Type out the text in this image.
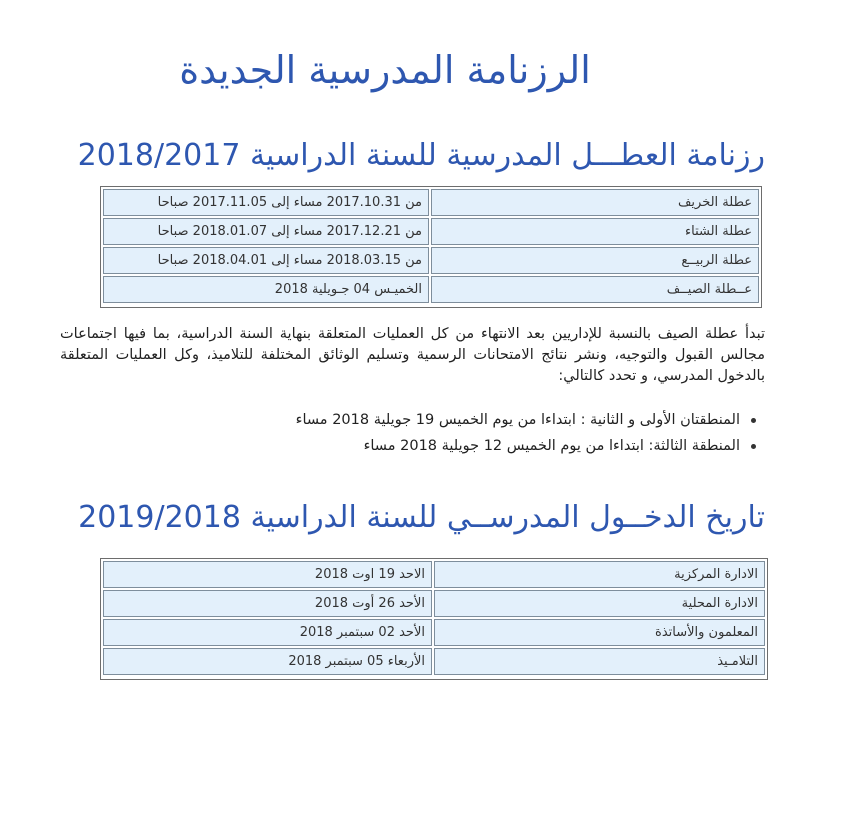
الرزنامة المدرسية الجديدة
رزنامة العطـــل المدرسية للسنة الدراسية 2018/2017
عطلة الخريف
من 2017.10.31 مساء إلى 2017.11.05 صباحا
عطلة الشتاء
من 2017.12.21 مساء إلى 2018.01.07 صباحا
عطلة الربيــع
من 2018.03.15 مساء إلى 2018.04.01 صباحا
عــطلة الصيــف
الخميـس 04 جـويلية 2018
تبدأ عطلة الصيف بالنسبة للإداريين بعد الانتهاء من كل العمليات المتعلقة بنهاية السنة الدراسية، بما فيها اجتماعات مجالس القبول والتوجيه، ونشر نتائج الامتحانات الرسمية وتسليم الوثائق المختلفة للتلاميذ، وكل العمليات المتعلقة بالدخول المدرسي، و تحدد كالتالي:
المنطقتان الأولى و الثانية : ابتداءا من يوم الخميس 19 جويلية 2018 مساء
المنطقة الثالثة: ابتداءا من يوم الخميس 12 جويلية 2018 مساء
تاريخ الدخــول المدرســي للسنة الدراسية 2019/2018
الادارة المركزية
الاحد 19 اوت 2018
الادارة المحلية
الأحد 26 أوت 2018
المعلمون والأساتذة
الأحد 02 سبتمبر 2018
التلامـيذ
الأربعاء 05 سبتمبر 2018
